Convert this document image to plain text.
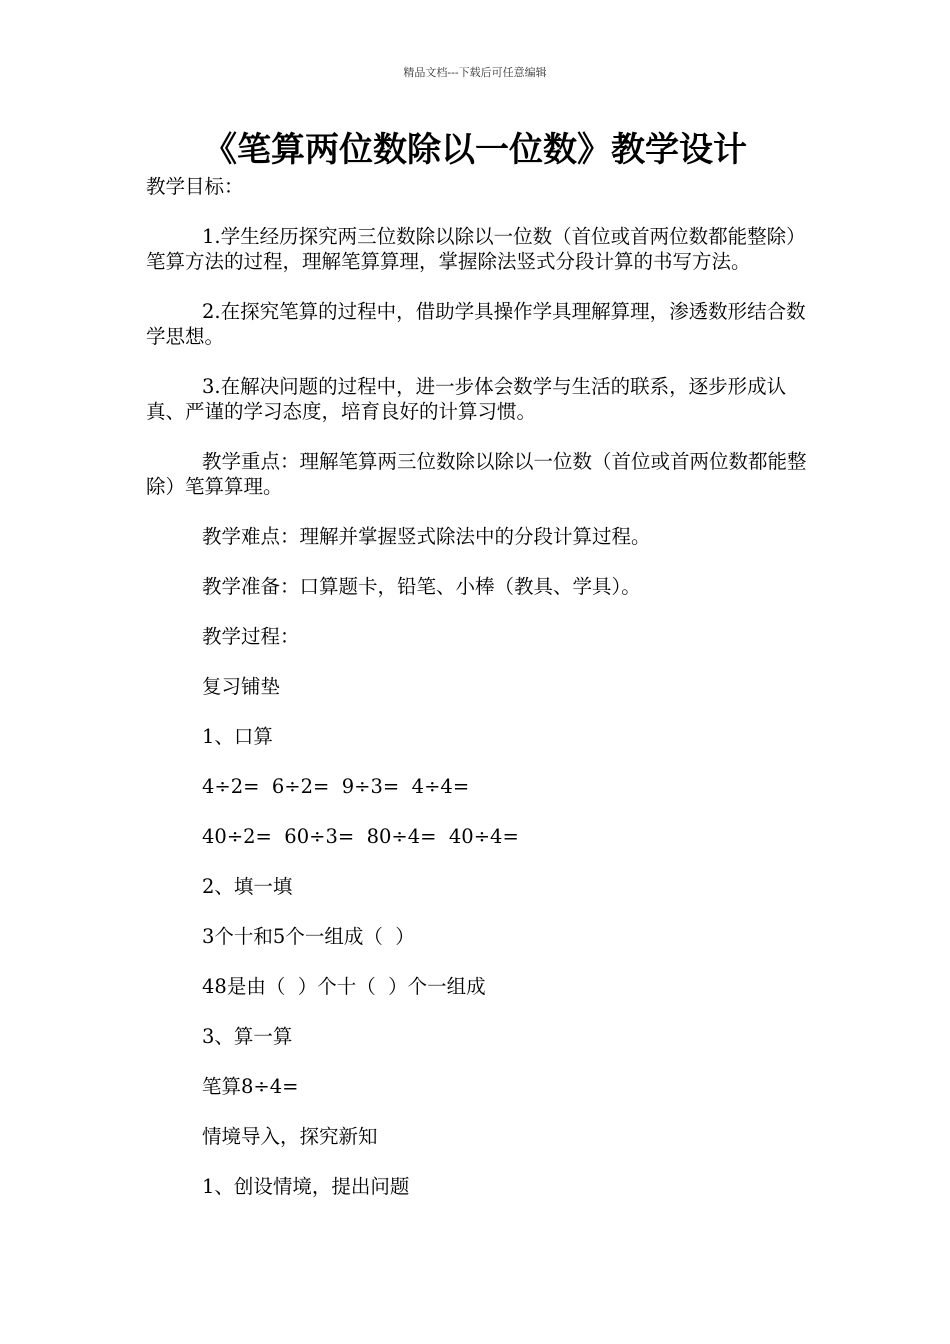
精品文档---下载后可任意编辑
《笔算两位数除以一位数》教学设计

教学目标：

1.学生经历探究两三位数除以除以一位数（首位或首两位数都能整除）笔算方法的过程，理解笔算算理，掌握除法竖式分段计算的书写方法。

2.在探究笔算的过程中，借助学具操作学具理解算理，渗透数形结合数学思想。

3.在解决问题的过程中，进一步体会数学与生活的联系，逐步形成认真、严谨的学习态度，培育良好的计算习惯。

教学重点：理解笔算两三位数除以除以一位数（首位或首两位数都能整除）笔算算理。

教学难点：理解并掌握竖式除法中的分段计算过程。

教学准备：口算题卡，铅笔、小棒（教具、学具）。

教学过程：

复习铺垫

1、口算

4÷2=  6÷2=  9÷3=  4÷4=

40÷2=  60÷3=  80÷4=  40÷4=

2、填一填

3个十和5个一组成（  ）

48是由（  ）个十（  ）个一组成

3、算一算

笔算8÷4=

情境导入，探究新知

1、创设情境，提出问题
